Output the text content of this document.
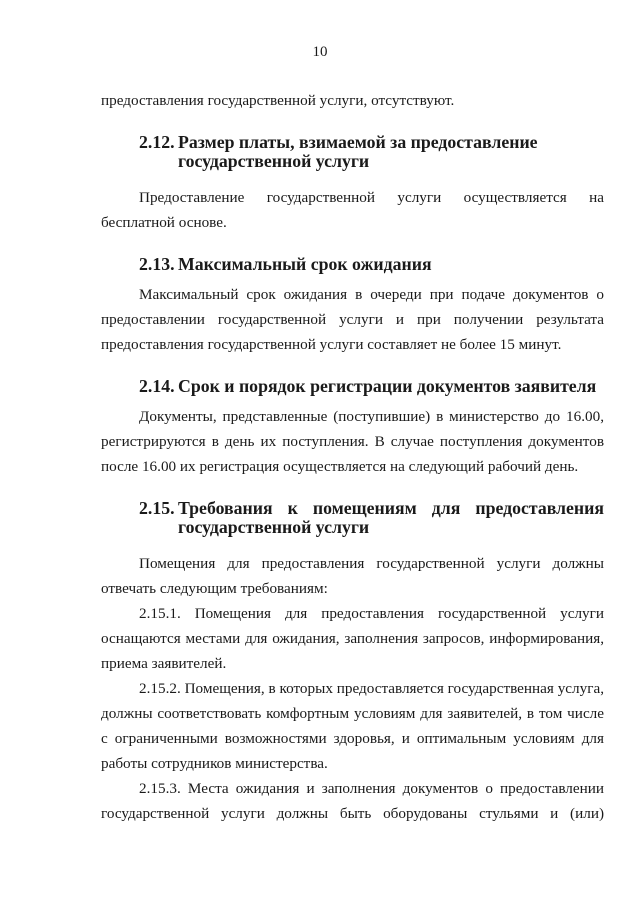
10

предоставления государственной услуги, отсутствуют.

2.12. Размер платы, взимаемой за предоставление государственной услуги

Предоставление государственной услуги осуществляется на бесплатной основе.

2.13. Максимальный срок ожидания

Максимальный срок ожидания в очереди при подаче документов о предоставлении государственной услуги и при получении результата предоставления государственной услуги составляет не более 15 минут.

2.14. Срок и порядок регистрации документов заявителя

Документы, представленные (поступившие) в министерство до 16.00, регистрируются в день их поступления. В случае поступления документов после 16.00 их регистрация осуществляется на следующий рабочий день.

2.15. Требования к помещениям для предоставления государственной услуги

Помещения для предоставления государственной услуги должны отвечать следующим требованиям:

2.15.1. Помещения для предоставления государственной услуги оснащаются местами для ожидания, заполнения запросов, информирования, приема заявителей.

2.15.2. Помещения, в которых предоставляется государственная услуга, должны соответствовать комфортным условиям для заявителей, в том числе с ограниченными возможностями здоровья, и оптимальным условиям для работы сотрудников министерства.

2.15.3. Места ожидания и заполнения документов о предоставлении государственной услуги должны быть оборудованы стульями и (или)
